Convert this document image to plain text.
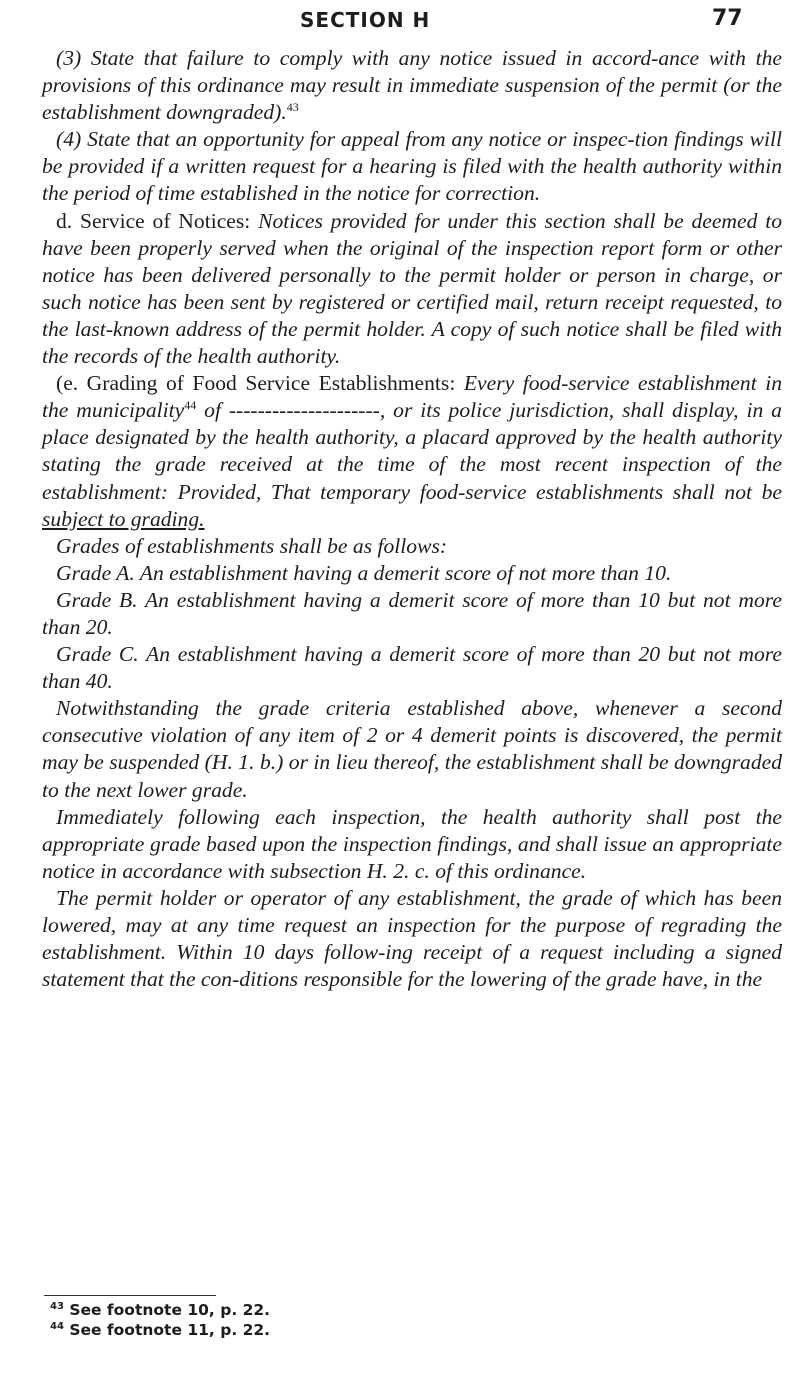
SECTION H	77

(3) State that failure to comply with any notice issued in accord-ance with the provisions of this ordinance may result in immediate suspension of the permit (or the establishment downgraded).$^{43}$

(4) State that an opportunity for appeal from any notice or inspec-tion findings will be provided if a written request for a hearing is filed with the health authority within the period of time established in the notice for correction.

d. Service of Notices: Notices provided for under this section shall be deemed to have been properly served when the original of the inspection report form or other notice has been delivered personally to the permit holder or person in charge, or such notice has been sent by registered or certified mail, return receipt requested, to the last-known address of the permit holder. A copy of such notice shall be filed with the records of the health authority.

(e. Grading of Food Service Establishments: Every food-service establishment in the municipality$^{44}$ of ---------------------, or its police jurisdiction, shall display, in a place designated by the health authority, a placard approved by the health authority stating the grade received at the time of the most recent inspection of the establishment: Provided, That temporary food-service establishments shall not be subject to grading.

Grades of establishments shall be as follows:

Grade A. An establishment having a demerit score of not more than 10.

Grade B. An establishment having a demerit score of more than 10 but not more than 20.

Grade C. An establishment having a demerit score of more than 20 but not more than 40.

Notwithstanding the grade criteria established above, whenever a second consecutive violation of any item of 2 or 4 demerit points is discovered, the permit may be suspended (H. 1. b.) or in lieu thereof, the establishment shall be downgraded to the next lower grade.

Immediately following each inspection, the health authority shall post the appropriate grade based upon the inspection findings, and shall issue an appropriate notice in accordance with subsection H. 2. c. of this ordinance.

The permit holder or operator of any establishment, the grade of which has been lowered, may at any time request an inspection for the purpose of regrading the establishment. Within 10 days follow-ing receipt of a request including a signed statement that the con-ditions responsible for the lowering of the grade have, in the

$^{43}$ See footnote 10, p. 22.
$^{44}$ See footnote 11, p. 22.
